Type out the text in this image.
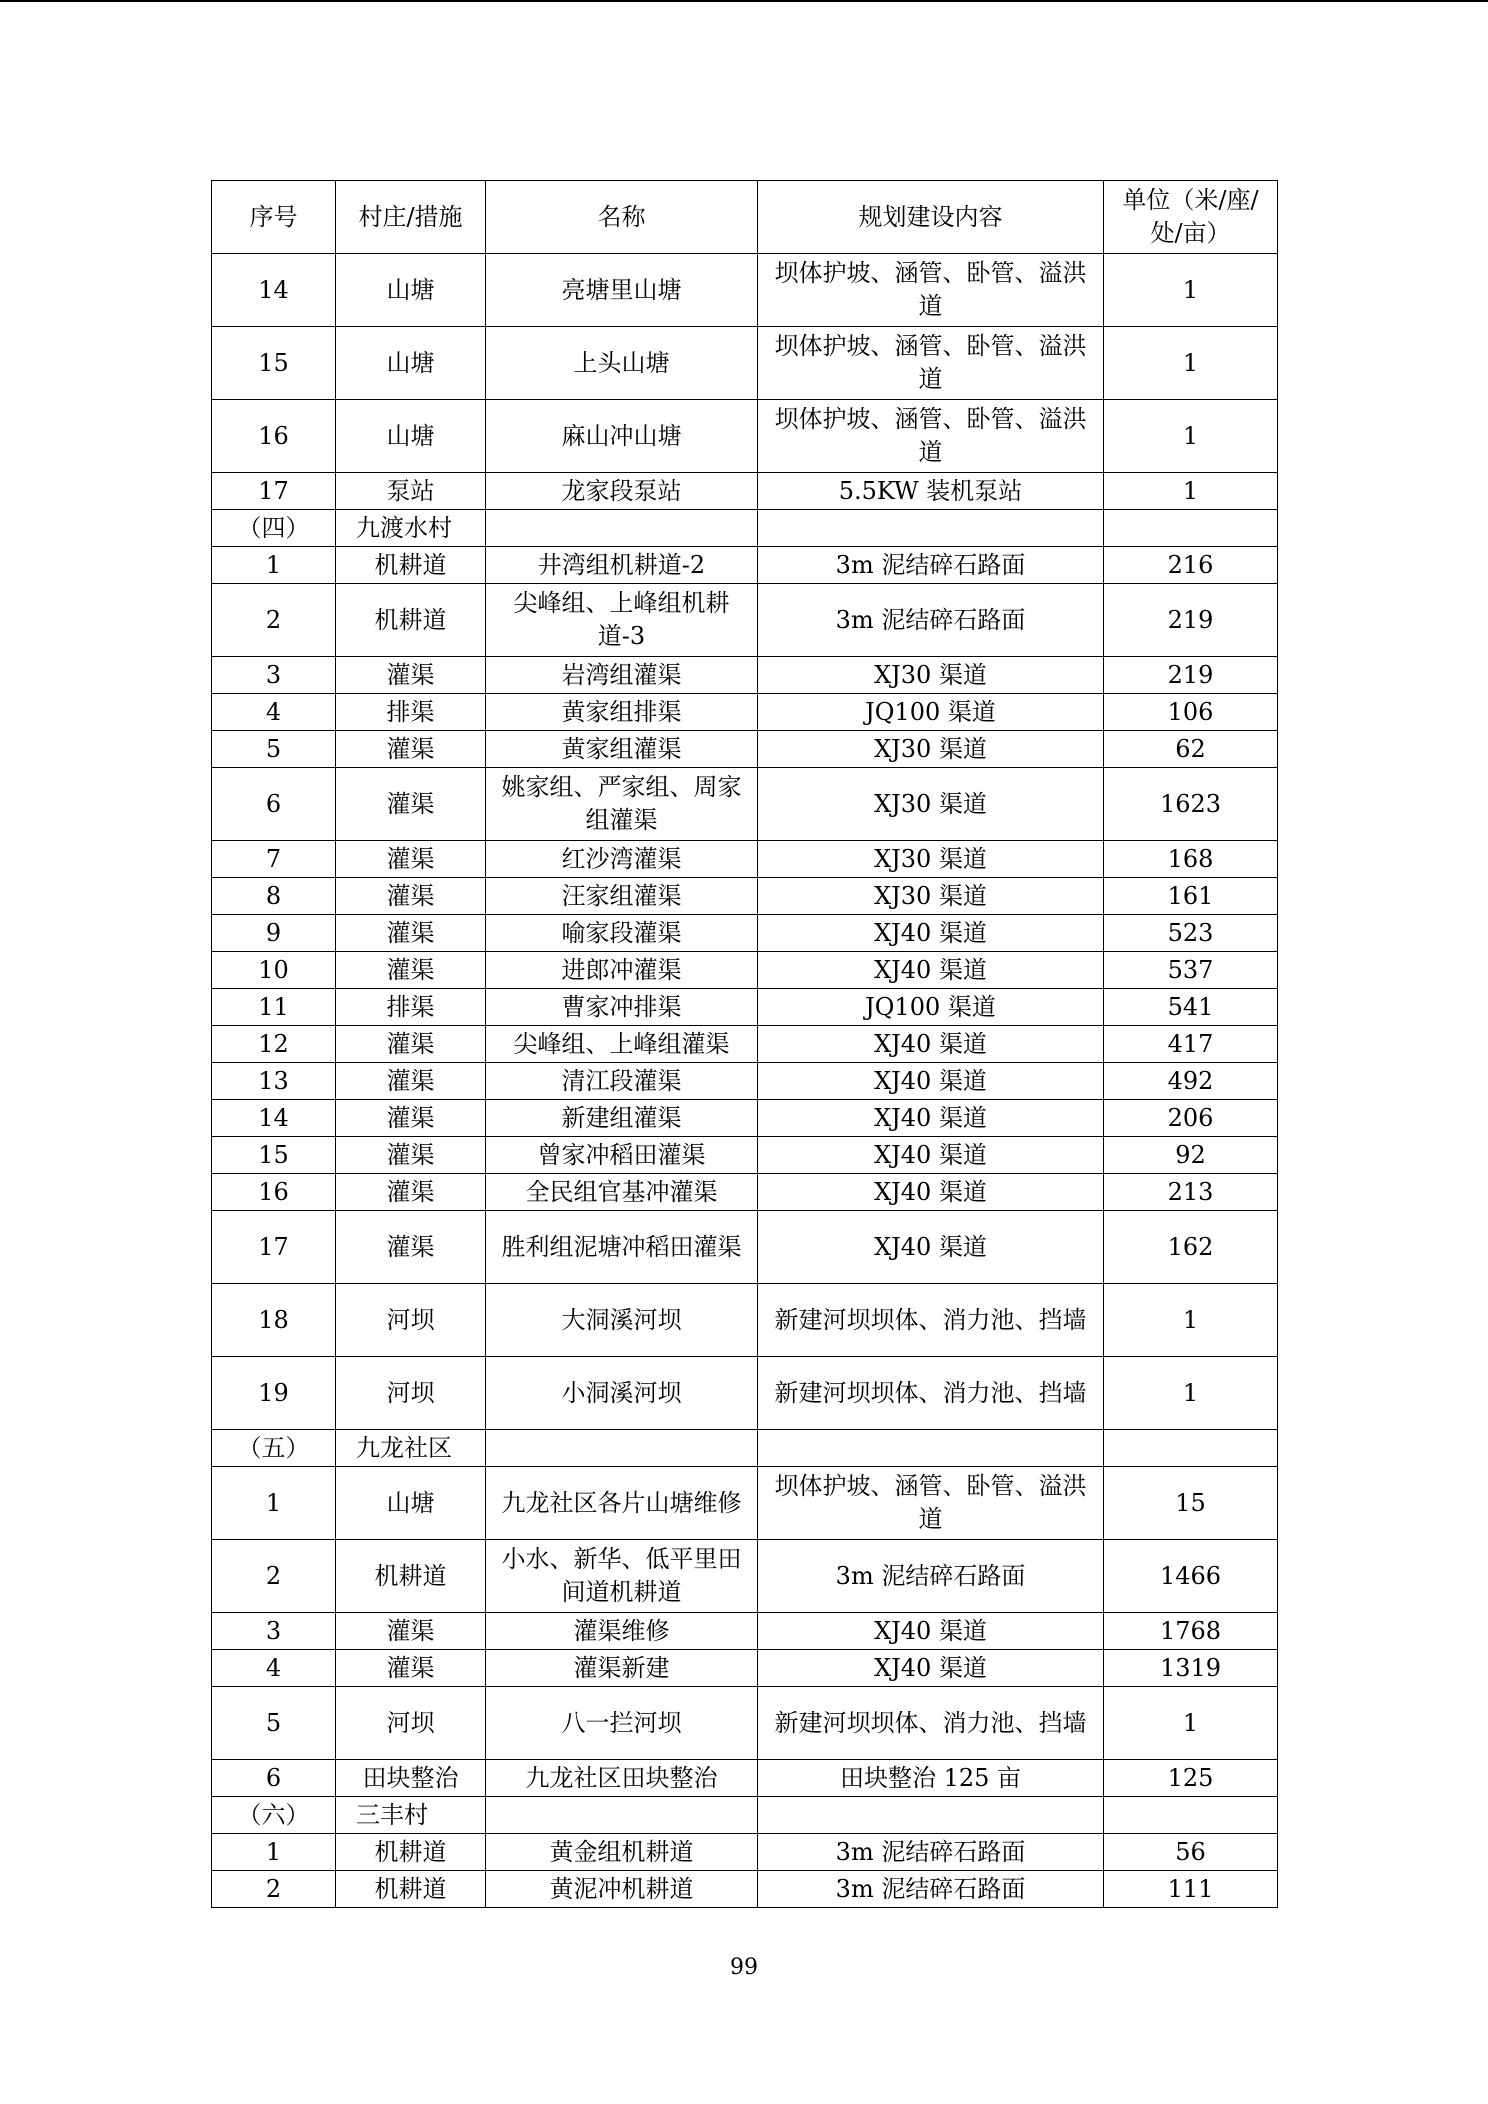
序号	村庄/措施	名称	规划建设内容	单位（米/座/处/亩）
14	山塘	亮塘里山塘	坝体护坡、涵管、卧管、溢洪道	1
15	山塘	上头山塘	坝体护坡、涵管、卧管、溢洪道	1
16	山塘	麻山冲山塘	坝体护坡、涵管、卧管、溢洪道	1
17	泵站	龙家段泵站	5.5KW 装机泵站	1
（四）	九渡水村			
1	机耕道	井湾组机耕道-2	3m 泥结碎石路面	216
2	机耕道	尖峰组、上峰组机耕道-3	3m 泥结碎石路面	219
3	灌渠	岩湾组灌渠	XJ30 渠道	219
4	排渠	黄家组排渠	JQ100 渠道	106
5	灌渠	黄家组灌渠	XJ30 渠道	62
6	灌渠	姚家组、严家组、周家组灌渠	XJ30 渠道	1623
7	灌渠	红沙湾灌渠	XJ30 渠道	168
8	灌渠	汪家组灌渠	XJ30 渠道	161
9	灌渠	喻家段灌渠	XJ40 渠道	523
10	灌渠	进郎冲灌渠	XJ40 渠道	537
11	排渠	曹家冲排渠	JQ100 渠道	541
12	灌渠	尖峰组、上峰组灌渠	XJ40 渠道	417
13	灌渠	清江段灌渠	XJ40 渠道	492
14	灌渠	新建组灌渠	XJ40 渠道	206
15	灌渠	曾家冲稻田灌渠	XJ40 渠道	92
16	灌渠	全民组官基冲灌渠	XJ40 渠道	213
17	灌渠	胜利组泥塘冲稻田灌渠	XJ40 渠道	162
18	河坝	大洞溪河坝	新建河坝坝体、消力池、挡墙	1
19	河坝	小洞溪河坝	新建河坝坝体、消力池、挡墙	1
（五）	九龙社区			
1	山塘	九龙社区各片山塘维修	坝体护坡、涵管、卧管、溢洪道	15
2	机耕道	小水、新华、低平里田间道机耕道	3m 泥结碎石路面	1466
3	灌渠	灌渠维修	XJ40 渠道	1768
4	灌渠	灌渠新建	XJ40 渠道	1319
5	河坝	八一拦河坝	新建河坝坝体、消力池、挡墙	1
6	田块整治	九龙社区田块整治	田块整治 125 亩	125
（六）	三丰村			
1	机耕道	黄金组机耕道	3m 泥结碎石路面	56
2	机耕道	黄泥冲机耕道	3m 泥结碎石路面	111
99
